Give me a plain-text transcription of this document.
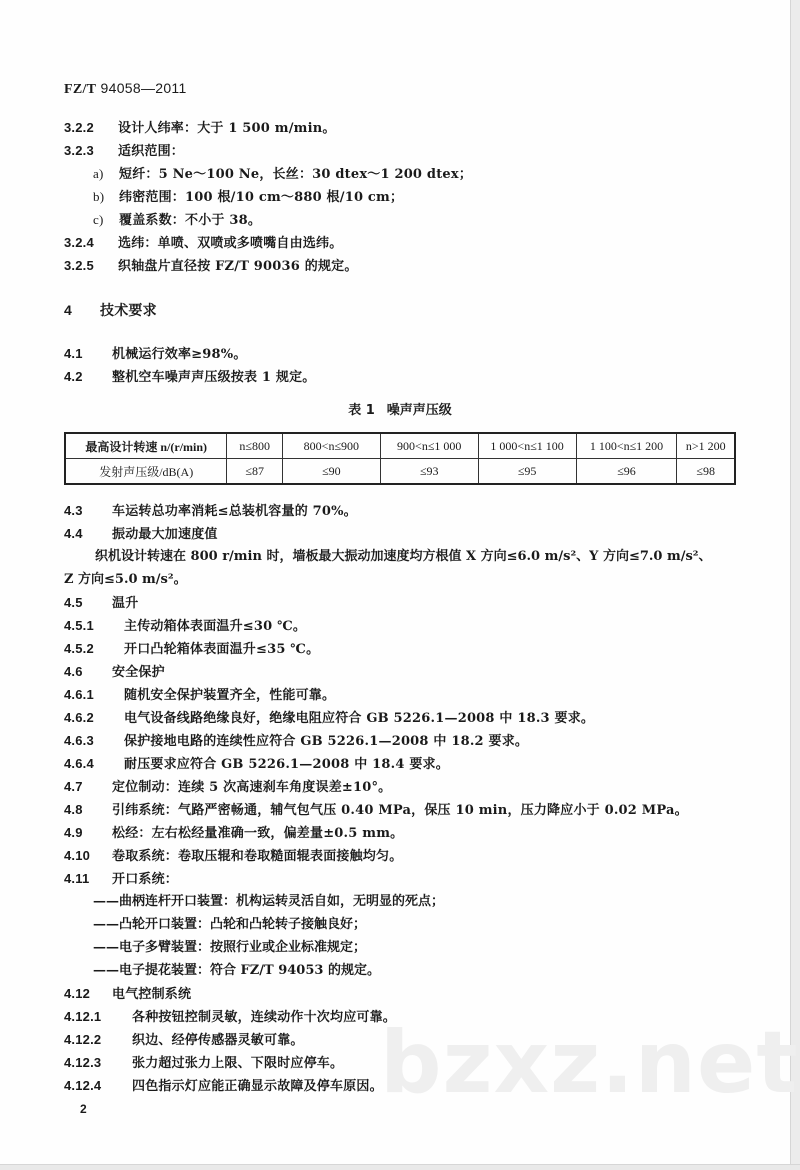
FZ/T 94058—2011
3.2.2 设计人纬率：大于 1 500 m/min。
3.2.3 适织范围：
a) 短纤：5 Ne～100 Ne，长丝：30 dtex～1 200 dtex；
b) 纬密范围：100 根/10 cm～880 根/10 cm；
c) 覆盖系数：不小于 38。
3.2.4 选纬：单喷、双喷或多喷嘴自由选纬。
3.2.5 织轴盘片直径按 FZ/T 90036 的规定。
4 技术要求
4.1 机械运行效率≥98%。
4.2 整机空车噪声声压级按表 1 规定。
表 1 噪声声压级
最高设计转速 n/(r/min)	n≤800	800<n≤900	900<n≤1 000	1 000<n≤1 100	1 100<n≤1 200	n>1 200
发射声压级/dB(A)	≤87	≤90	≤93	≤95	≤96	≤98
4.3 车运转总功率消耗≤总装机容量的 70%。
4.4 振动最大加速度值
织机设计转速在 800 r/min 时，墙板最大振动加速度均方根值 X 方向≤6.0 m/s²、Y 方向≤7.0 m/s²、
Z 方向≤5.0 m/s²。
4.5 温升
4.5.1 主传动箱体表面温升≤30 ℃。
4.5.2 开口凸轮箱体表面温升≤35 ℃。
4.6 安全保护
4.6.1 随机安全保护装置齐全，性能可靠。
4.6.2 电气设备线路绝缘良好，绝缘电阻应符合 GB 5226.1—2008 中 18.3 要求。
4.6.3 保护接地电路的连续性应符合 GB 5226.1—2008 中 18.2 要求。
4.6.4 耐压要求应符合 GB 5226.1—2008 中 18.4 要求。
4.7 定位制动：连续 5 次高速刹车角度误差±10°。
4.8 引纬系统：气路严密畅通，辅气包气压 0.40 MPa，保压 10 min，压力降应小于 0.02 MPa。
4.9 松经：左右松经量准确一致，偏差量±0.5 mm。
4.10 卷取系统：卷取压辊和卷取糙面辊表面接触均匀。
4.11 开口系统：
——曲柄连杆开口装置：机构运转灵活自如，无明显的死点；
——凸轮开口装置：凸轮和凸轮转子接触良好；
——电子多臂装置：按照行业或企业标准规定；
——电子提花装置：符合 FZ/T 94053 的规定。
4.12 电气控制系统
4.12.1 各种按钮控制灵敏，连续动作十次均应可靠。
bzxz.net
4.12.2 织边、经停传感器灵敏可靠。
4.12.3 张力超过张力上限、下限时应停车。
4.12.4 四色指示灯应能正确显示故障及停车原因。
2
